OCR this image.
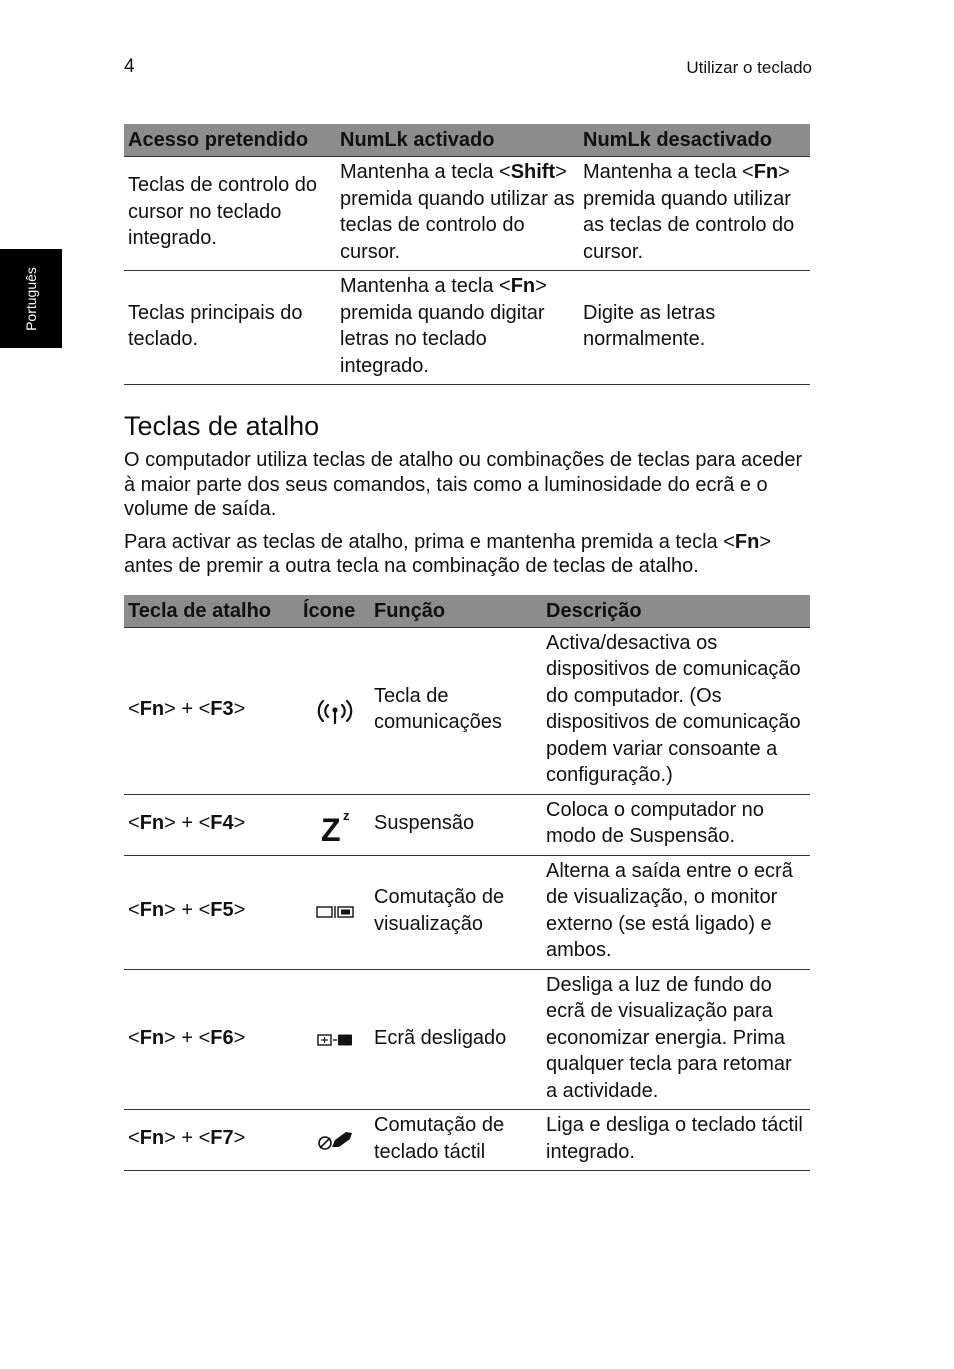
4	Utilizar o teclado
Português
Acesso pretendido	NumLk activado	NumLk desactivado
Teclas de controlo do cursor no teclado integrado.	Mantenha a tecla <Shift> premida quando utilizar as teclas de controlo do cursor.	Mantenha a tecla <Fn> premida quando utilizar as teclas de controlo do cursor.
Teclas principais do teclado.	Mantenha a tecla <Fn> premida quando digitar letras no teclado integrado.	Digite as letras normalmente.
Teclas de atalho

O computador utiliza teclas de atalho ou combinações de teclas para aceder à maior parte dos seus comandos, tais como a luminosidade do ecrã e o volume de saída.

Para activar as teclas de atalho, prima e mantenha premida a tecla <Fn> antes de premir a outra tecla na combinação de teclas de atalho.

Tecla de atalho	Ícone	Função	Descrição
<Fn> + <F3>		Tecla de comunicações	Activa/desactiva os dispositivos de comunicação do computador. (Os dispositivos de comunicação podem variar consoante a configuração.)
<Fn> + <F4>	Z z	Suspensão	Coloca o computador no modo de Suspensão.
<Fn> + <F5>		Comutação de visualização	Alterna a saída entre o ecrã de visualização, o monitor externo (se está ligado) e ambos.
<Fn> + <F6>		Ecrã desligado	Desliga a luz de fundo do ecrã de visualização para economizar energia. Prima qualquer tecla para retomar a actividade.
<Fn> + <F7>		Comutação de teclado táctil	Liga e desliga o teclado táctil integrado.
